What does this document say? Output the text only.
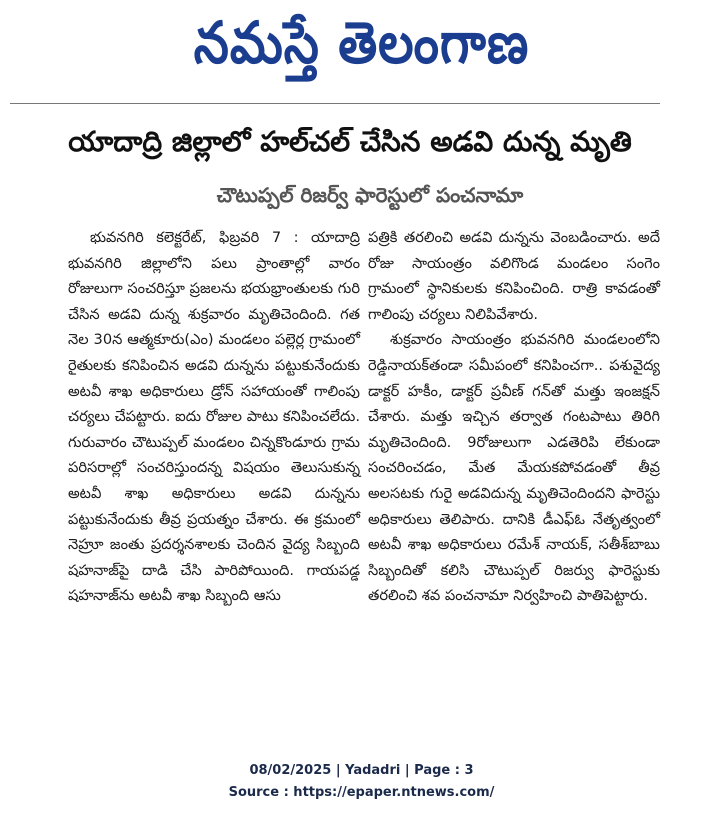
నమస్తే తెలంగాణ
యాదాద్రి జిల్లాలో హల్‌చల్ చేసిన అడవి దున్న మృతి
చౌటుప్పల్ రిజర్వ్ ఫారెస్టులో పంచనామా

భువనగిరి కలెక్టరేట్, ఫిబ్రవరి 7 : యాదాద్రి భువనగిరి జిల్లాలోని పలు ప్రాంతాల్లో వారం రోజులుగా సంచరిస్తూ ప్రజలను భయభ్రాంతులకు గురి చేసిన అడవి దున్న శుక్రవారం మృతిచెందింది. గత నెల 30న ఆత్మకూరు(ఎం) మండలం పల్లెర్ల గ్రామంలో రైతులకు కనిపించిన అడవి దున్నను పట్టుకునేందుకు అటవీ శాఖ అధికారులు డ్రోన్ సహాయంతో గాలింపు చర్యలు చేపట్టారు. ఐదు రోజుల పాటు కనిపించలేదు. గురువారం చౌటుప్పల్ మండలం చిన్నకొండూరు గ్రామ పరిసరాల్లో సంచరిస్తుందన్న విషయం తెలుసుకున్న అటవీ శాఖ అధికారులు అడవి దున్నను పట్టుకునేందుకు తీవ్ర ప్రయత్నం చేశారు. ఈ క్రమంలో నెహ్రూ జంతు ప్రదర్శనశాలకు చెందిన వైద్య సిబ్బంది షహనాజ్‌పై దాడి చేసి పారిపోయింది. గాయపడ్డ షహనాజ్‌ను అటవీ శాఖ సిబ్బంది ఆసు

పత్రికి తరలించి అడవి దున్నను వెంబడించారు. అదే రోజు సాయంత్రం వలిగొండ మండలం సంగెం గ్రామంలో స్థానికులకు కనిపించింది. రాత్రి కావడంతో గాలింపు చర్యలు నిలిపివేశారు.

శుక్రవారం సాయంత్రం భువనగిరి మండలంలోని రెడ్డినాయక్‌తండా సమీపంలో కనిపించగా.. పశువైద్య డాక్టర్ హకీం, డాక్టర్ ప్రవీణ్ గన్‌తో మత్తు ఇంజక్షన్ చేశారు. మత్తు ఇచ్చిన తర్వాత గంటపాటు తిరిగి మృతిచెందింది. 9రోజులుగా ఎడతెరిపి లేకుండా సంచరించడం, మేత మేయకపోవడంతో తీవ్ర అలసటకు గురై అడవిదున్న మృతిచెందిందని ఫారెస్టు అధికారులు తెలిపారు. దానికి డీఎఫ్‌ఓ నేతృత్వంలో అటవీ శాఖ అధికారులు రమేశ్ నాయక్, సతీశ్‌బాబు సిబ్బందితో కలిసి చౌటుప్పల్ రిజర్వు ఫారెస్టుకు తరలించి శవ పంచనామా నిర్వహించి పాతిపెట్టారు.

08/02/2025 | Yadadri | Page : 3
Source : https://epaper.ntnews.com/
